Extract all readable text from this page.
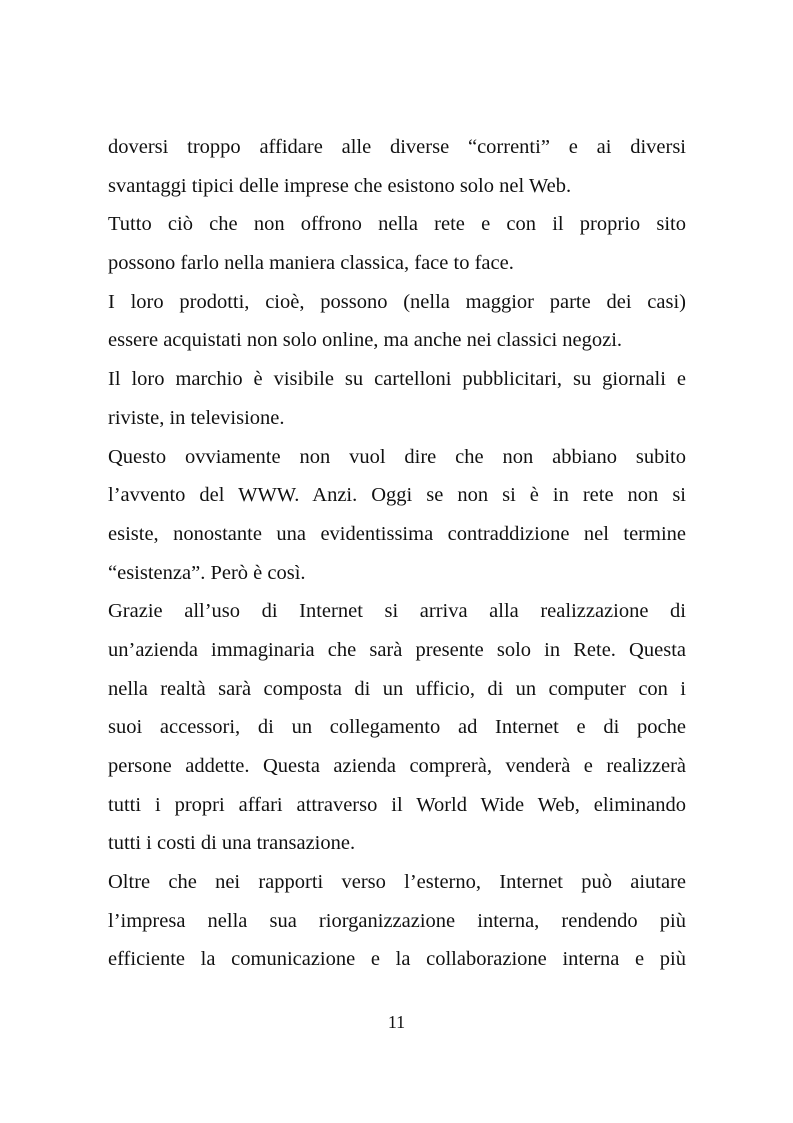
doversi troppo affidare alle diverse “correnti” e ai diversi
svantaggi tipici delle imprese che esistono solo nel Web.
Tutto ciò che non offrono nella rete e con il proprio sito
possono farlo nella maniera classica, face to face.
I loro prodotti, cioè, possono (nella maggior parte dei casi)
essere acquistati non solo online, ma anche nei classici negozi.
Il loro marchio è visibile su cartelloni pubblicitari, su giornali e
riviste, in televisione.
Questo ovviamente non vuol dire che non abbiano subito
l’avvento del WWW. Anzi. Oggi se non si è in rete non si
esiste, nonostante una evidentissima contraddizione nel termine
“esistenza”. Però è così.
Grazie all’uso di Internet si arriva alla realizzazione di
un’azienda immaginaria che sarà presente solo in Rete. Questa
nella realtà sarà composta di un ufficio, di un computer con i
suoi accessori, di un collegamento ad Internet e di poche
persone addette. Questa azienda comprerà, venderà e realizzerà
tutti i propri affari attraverso il World Wide Web, eliminando
tutti i costi di una transazione.
Oltre che nei rapporti verso l’esterno, Internet può aiutare
l’impresa nella sua riorganizzazione interna, rendendo più
efficiente la comunicazione e la collaborazione interna e più
11
